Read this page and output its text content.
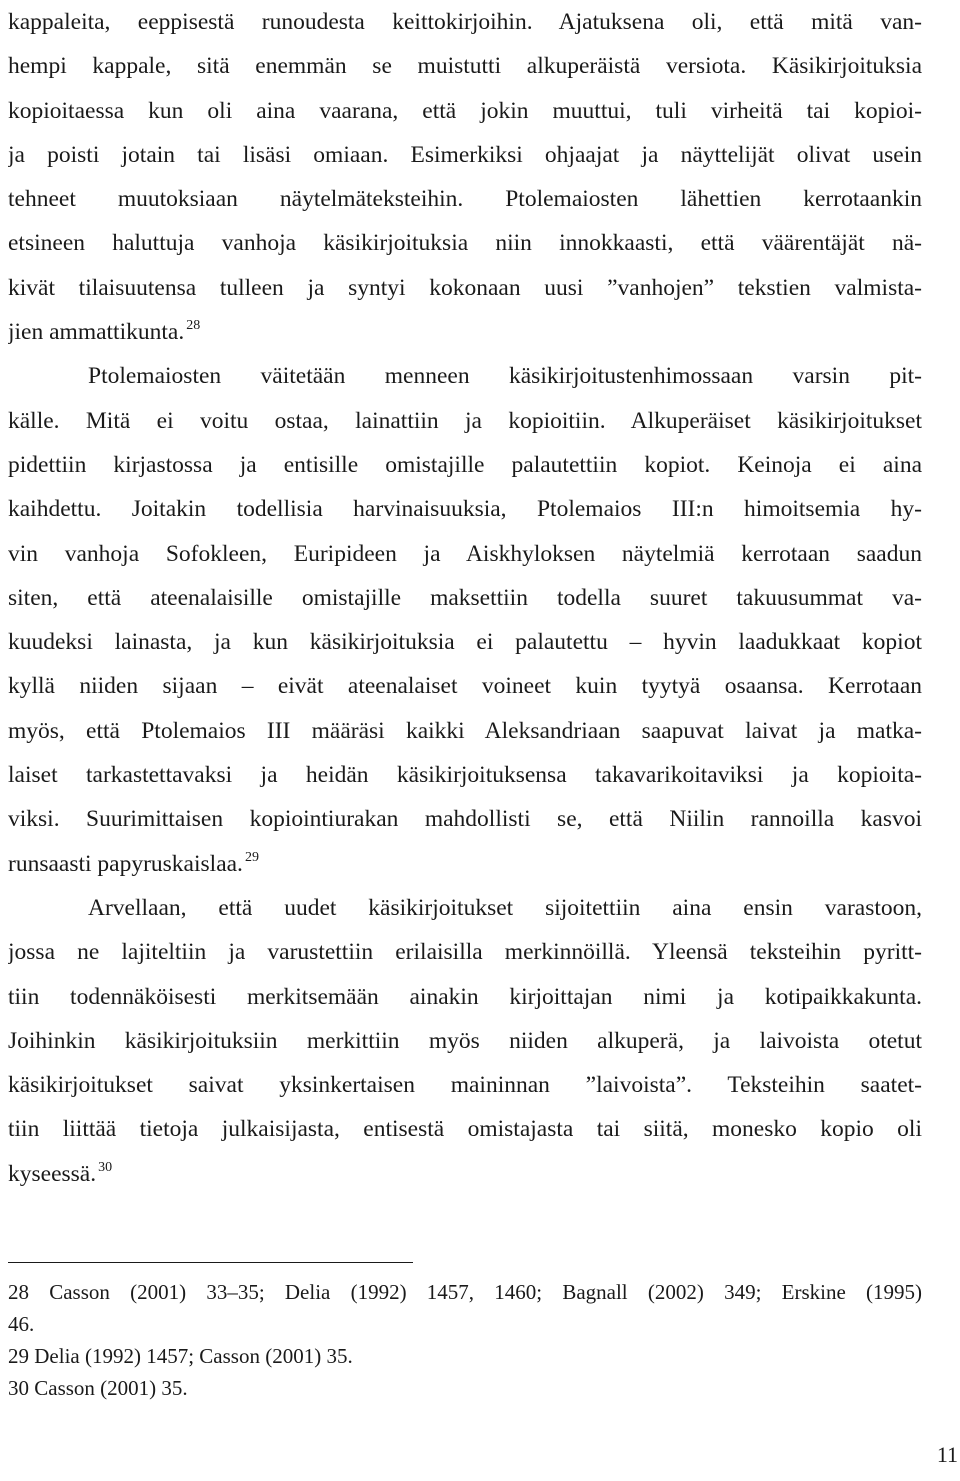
kappaleita, eeppisestä runoudesta keittokirjoihin. Ajatuksena oli, että mitä van-
hempi kappale, sitä enemmän se muistutti alkuperäistä versiota. Käsikirjoituksia
kopioitaessa kun oli aina vaarana, että jokin muuttui, tuli virheitä tai kopioi-
ja poisti jotain tai lisäsi omiaan. Esimerkiksi ohjaajat ja näyttelijät olivat usein
tehneet muutoksiaan näytelmäteksteihin. Ptolemaiosten lähettien kerrotaankin
etsineen haluttuja vanhoja käsikirjoituksia niin innokkaasti, että väärentäjät nä-
kivät tilaisuutensa tulleen ja syntyi kokonaan uusi ”vanhojen” tekstien valmista-
jien ammattikunta. $^{28}$
Ptolemaiosten väitetään menneen käsikirjoitustenhimossaan varsin pit-
källe. Mitä ei voitu ostaa, lainattiin ja kopioitiin. Alkuperäiset käsikirjoitukset
pidettiin kirjastossa ja entisille omistajille palautettiin kopiot. Keinoja ei aina
kaihdettu. Joitakin todellisia harvinaisuuksia, Ptolemaios III:n himoitsemia hy-
vin vanhoja Sofokleen, Euripideen ja Aiskhyloksen näytelmiä kerrotaan saadun
siten, että ateenalaisille omistajille maksettiin todella suuret takuusummat va-
kuudeksi lainasta, ja kun käsikirjoituksia ei palautettu – hyvin laadukkaat kopiot
kyllä niiden sijaan – eivät ateenalaiset voineet kuin tyytyä osaansa. Kerrotaan
myös, että Ptolemaios III määräsi kaikki Aleksandriaan saapuvat laivat ja matka-
laiset tarkastettavaksi ja heidän käsikirjoituksensa takavarikoitaviksi ja kopioita-
viksi. Suurimittaisen kopiointiurakan mahdollisti se, että Niilin rannoilla kasvoi
runsaasti papyruskaislaa. $^{29}$
Arvellaan, että uudet käsikirjoitukset sijoitettiin aina ensin varastoon,
jossa ne lajiteltiin ja varustettiin erilaisilla merkinnöillä. Yleensä teksteihin pyritt-
tiin todennäköisesti merkitsemään ainakin kirjoittajan nimi ja kotipaikkakunta.
Joihinkin käsikirjoituksiin merkittiin myös niiden alkuperä, ja laivoista otetut
käsikirjoitukset saivat yksinkertaisen maininnan ”laivoista”. Teksteihin saatet-
tiin liittää tietoja julkaisijasta, entisestä omistajasta tai siitä, monesko kopio oli
kyseessä. $^{30}$
28 Casson (2001) 33–35; Delia (1992) 1457, 1460; Bagnall (2002) 349; Erskine (1995)
46.
29 Delia (1992) 1457; Casson (2001) 35.
30 Casson (2001) 35.
11
